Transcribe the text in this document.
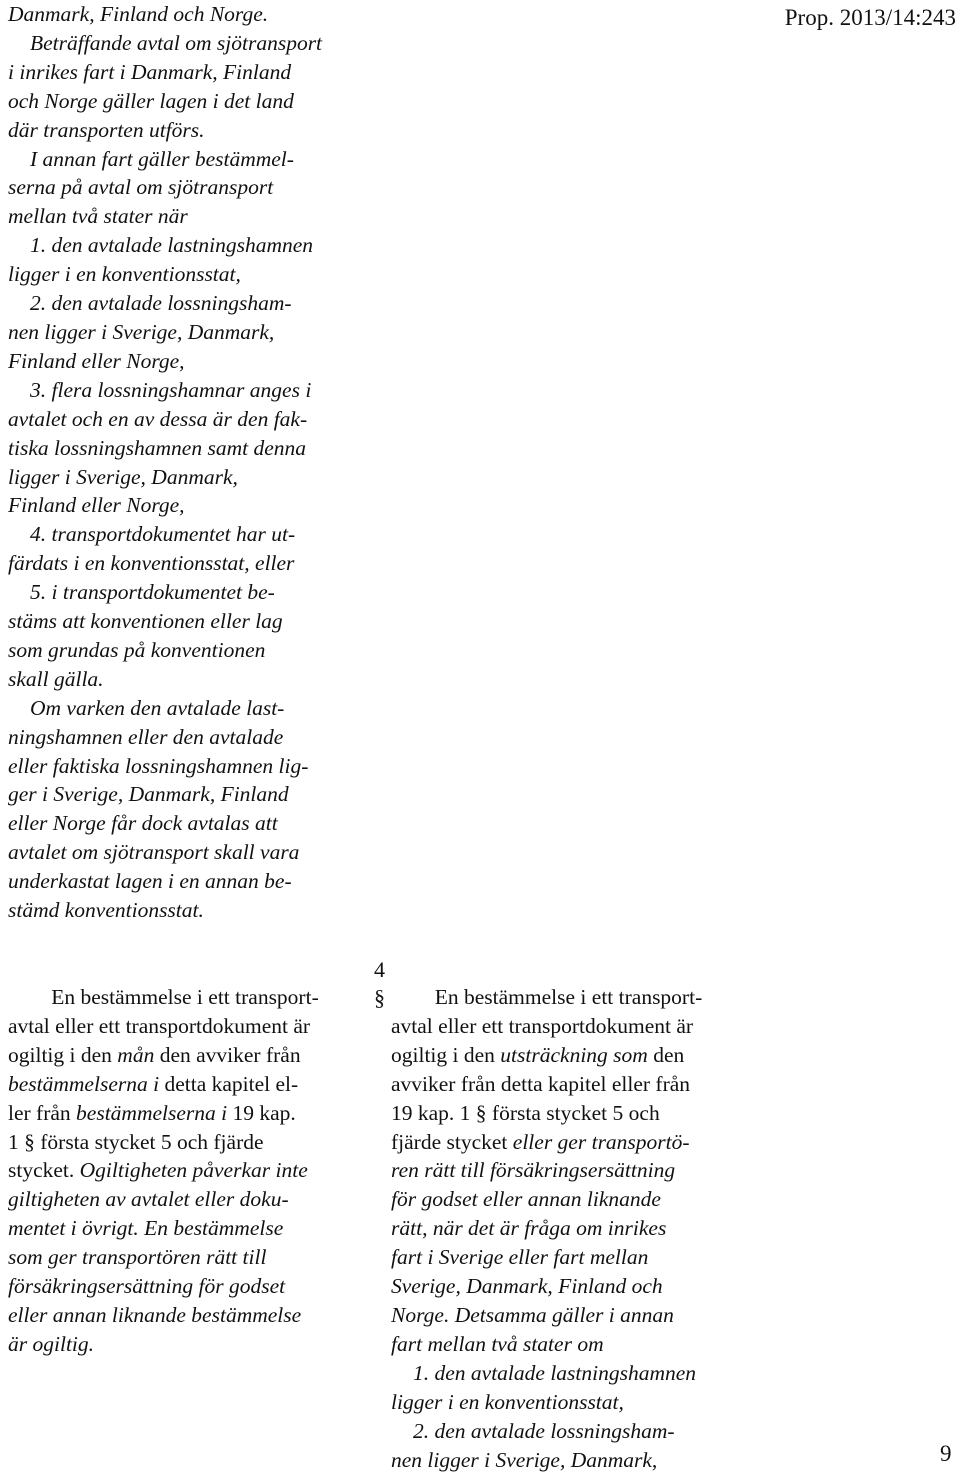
Prop. 2013/14:243
Danmark, Finland och Norge.
Beträffande avtal om sjötransport
i inrikes fart i Danmark, Finland
och Norge gäller lagen i det land
där transporten utförs.
I annan fart gäller bestämmel-
serna på avtal om sjötransport
mellan två stater när
1. den avtalade lastningshamnen
ligger i en konventionsstat,
2. den avtalade lossningsham-
nen ligger i Sverige, Danmark,
Finland eller Norge,
3. flera lossningshamnar anges i
avtalet och en av dessa är den fak-
tiska lossningshamnen samt denna
ligger i Sverige, Danmark,
Finland eller Norge,
4. transportdokumentet har ut-
färdats i en konventionsstat, eller
5. i transportdokumentet be-
stäms att konventionen eller lag
som grundas på konventionen
skall gälla.
Om varken den avtalade last-
ningshamnen eller den avtalade
eller faktiska lossningshamnen lig-
ger i Sverige, Danmark, Finland
eller Norge får dock avtalas att
avtalet om sjötransport skall vara
underkastat lagen i en annan be-
stämd konventionsstat.
4
§
En bestämmelse i ett transport-
avtal eller ett transportdokument är
ogiltig i den mån den avviker från
bestämmelserna i detta kapitel el-
ler från bestämmelserna i 19 kap.
1 § första stycket 5 och fjärde
stycket. Ogiltigheten påverkar inte
giltigheten av avtalet eller doku-
mentet i övrigt. En bestämmelse
som ger transportören rätt till
försäkringsersättning för godset
eller annan liknande bestämmelse
är ogiltig.
En bestämmelse i ett transport-
avtal eller ett transportdokument är
ogiltig i den utsträckning som den
avviker från detta kapitel eller från
19 kap. 1 § första stycket 5 och
fjärde stycket eller ger transportö-
ren rätt till försäkringsersättning
för godset eller annan liknande
rätt, när det är fråga om inrikes
fart i Sverige eller fart mellan
Sverige, Danmark, Finland och
Norge. Detsamma gäller i annan
fart mellan två stater om
1. den avtalade lastningshamnen
ligger i en konventionsstat,
2. den avtalade lossningsham-
nen ligger i Sverige, Danmark,	9
